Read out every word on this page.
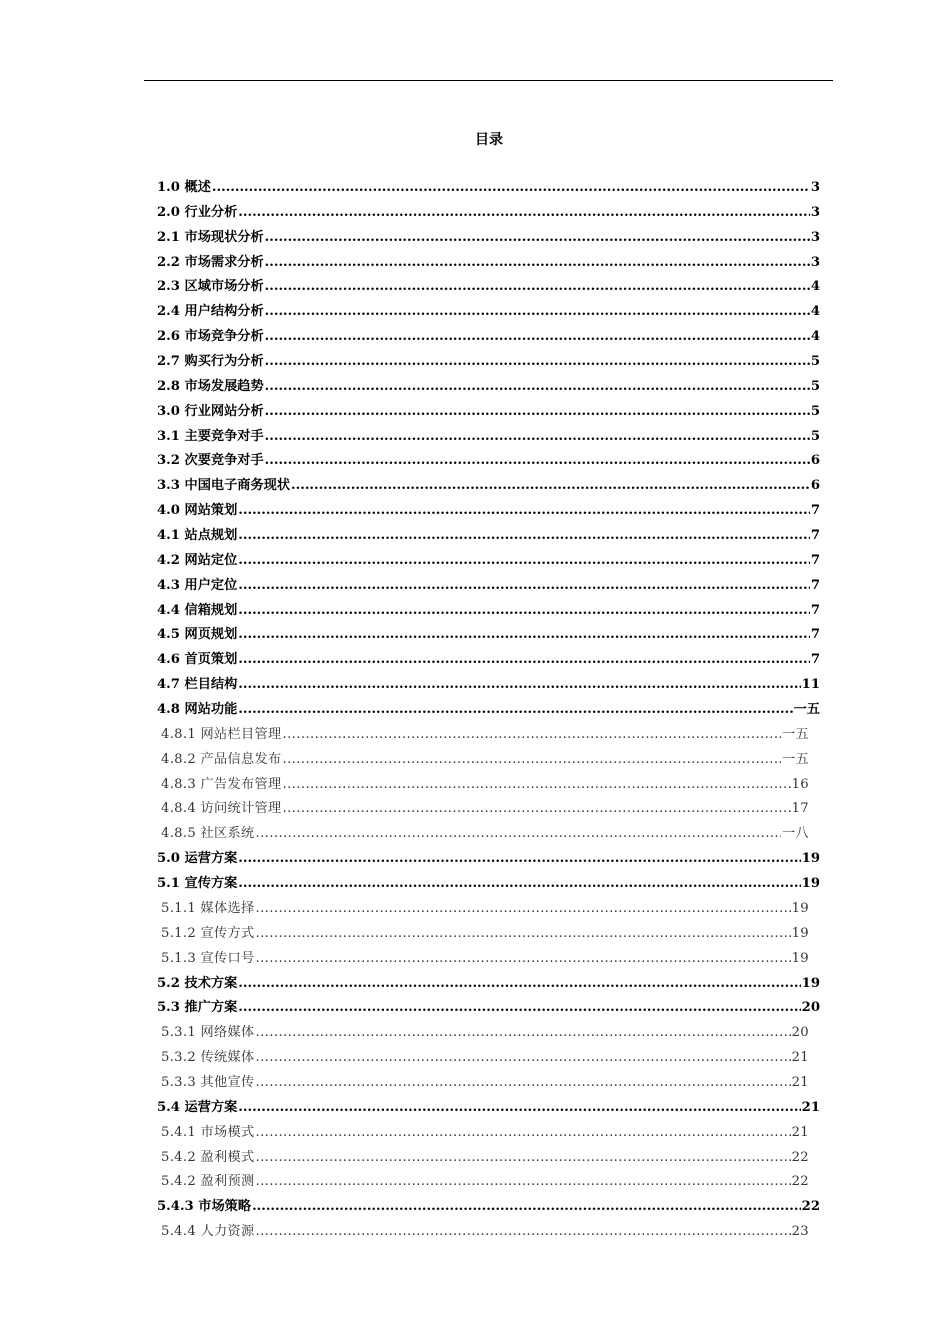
目录
1.0 概述 .....	3
2.0 行业分析 .....	3
2.1 市场现状分析 .....	3
2.2 市场需求分析 .....	3
2.3 区域市场分析 .....	4
2.4 用户结构分析 .....	4
2.6 市场竞争分析 .....	4
2.7 购买行为分析 .....	5
2.8 市场发展趋势 .....	5
3.0 行业网站分析 .....	5
3.1 主要竞争对手 .....	5
3.2 次要竞争对手 .....	6
3.3 中国电子商务现状 .....	6
4.0 网站策划 .....	7
4.1 站点规划 .....	7
4.2 网站定位 .....	7
4.3 用户定位 .....	7
4.4 信箱规划 .....	7
4.5 网页规划 .....	7
4.6 首页策划 .....	7
4.7 栏目结构 .....	11
4.8 网站功能 .....	一五
4.8.1 网站栏目管理 .....	一五
4.8.2 产品信息发布 .....	一五
4.8.3 广告发布管理 .....	16
4.8.4 访问统计管理 .....	17
4.8.5 社区系统 .....	一八
5.0 运营方案 .....	19
5.1 宣传方案 .....	19
5.1.1 媒体选择 .....	19
5.1.2 宣传方式 .....	19
5.1.3 宣传口号 .....	19
5.2 技术方案 .....	19
5.3 推广方案 .....	20
5.3.1 网络媒体 .....	20
5.3.2 传统媒体 .....	21
5.3.3 其他宣传 .....	21
5.4 运营方案 .....	21
5.4.1 市场模式 .....	21
5.4.2 盈利模式 .....	22
5.4.2 盈利预测 .....	22
5.4.3 市场策略 .....	22
5.4.4 人力资源 .....	23
